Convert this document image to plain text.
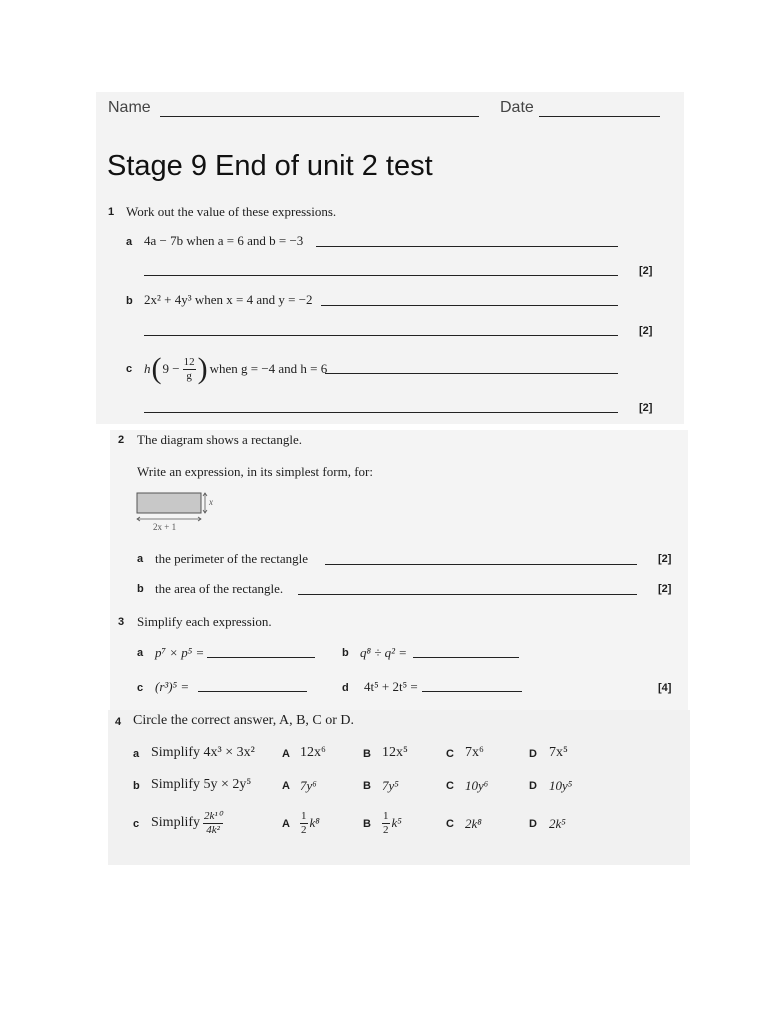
Name	Date
Stage 9 End of unit 2 test
1 Work out the value of these expressions.
a 4a − 7b when a = 6 and b = −3
[2]
b 2x² + 4y³ when x = 4 and y = −2
[2]
c h ( $9 - \frac{12}{g}$ ) when g = −4 and h = 6
[2]
2 The diagram shows a rectangle.
Write an expression, in its simplest form, for:
x
2x + 1
a the perimeter of the rectangle	[2]
b the area of the rectangle.	[2]
3 Simplify each expression.
a p⁷ × p⁵ =	b q⁸ ÷ q² =
c (r³)⁵ =	d 4t⁵ + 2t⁵ =	[4]
4 Circle the correct answer, A, B, C or D.
a Simplify 4x³ × 3x² A 12x⁶	B 12x⁵	C 7x⁶	D 7x⁵
b Simplify 5y × 2y⁵	A 7y⁶	B 7y⁵	C 10y⁶	D 10y⁵
c Simplify $\frac{\text{2k¹⁰}}{\text{4k²}}$	A $\frac{1}{2} k^8$	B $\frac{1}{2} k^5$	C 2k⁸	D 2k⁵
